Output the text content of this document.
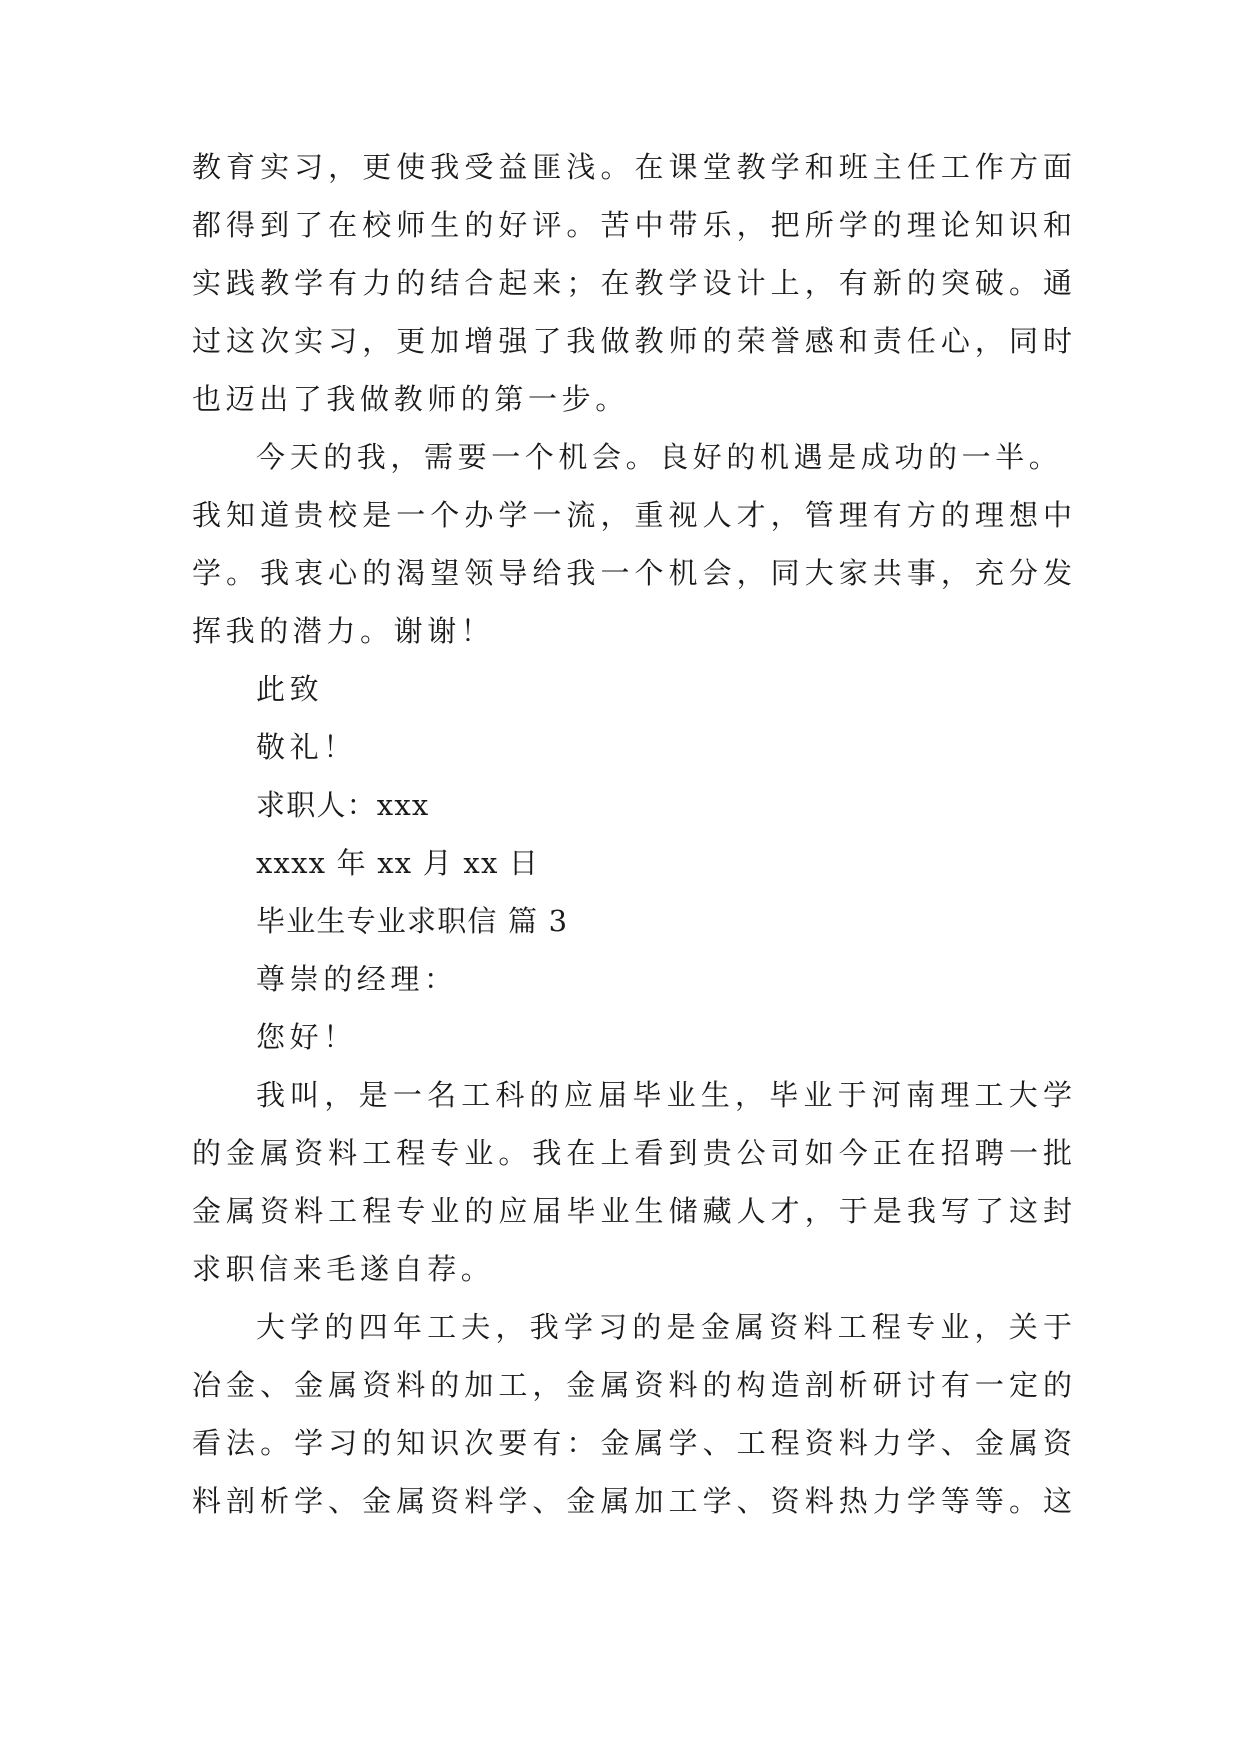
教育实习，更使我受益匪浅。在课堂教学和班主任工作方面
都得到了在校师生的好评。苦中带乐，把所学的理论知识和
实践教学有力的结合起来；在教学设计上，有新的突破。通
过这次实习，更加增强了我做教师的荣誉感和责任心，同时
也迈出了我做教师的第一步。
今天的我，需要一个机会。良好的机遇是成功的一半。
我知道贵校是一个办学一流，重视人才，管理有方的理想中
学。我衷心的渴望领导给我一个机会，同大家共事，充分发
挥我的潜力。谢谢！
此致
敬礼！
求职人：xxx
xxxx 年 xx 月 xx 日
毕业生专业求职信 篇 3
尊崇的经理：
您好！
我叫，是一名工科的应届毕业生，毕业于河南理工大学
的金属资料工程专业。我在上看到贵公司如今正在招聘一批
金属资料工程专业的应届毕业生储藏人才，于是我写了这封
求职信来毛遂自荐。
大学的四年工夫，我学习的是金属资料工程专业，关于
冶金、金属资料的加工，金属资料的构造剖析研讨有一定的
看法。学习的知识次要有：金属学、工程资料力学、金属资
料剖析学、金属资料学、金属加工学、资料热力学等等。这
